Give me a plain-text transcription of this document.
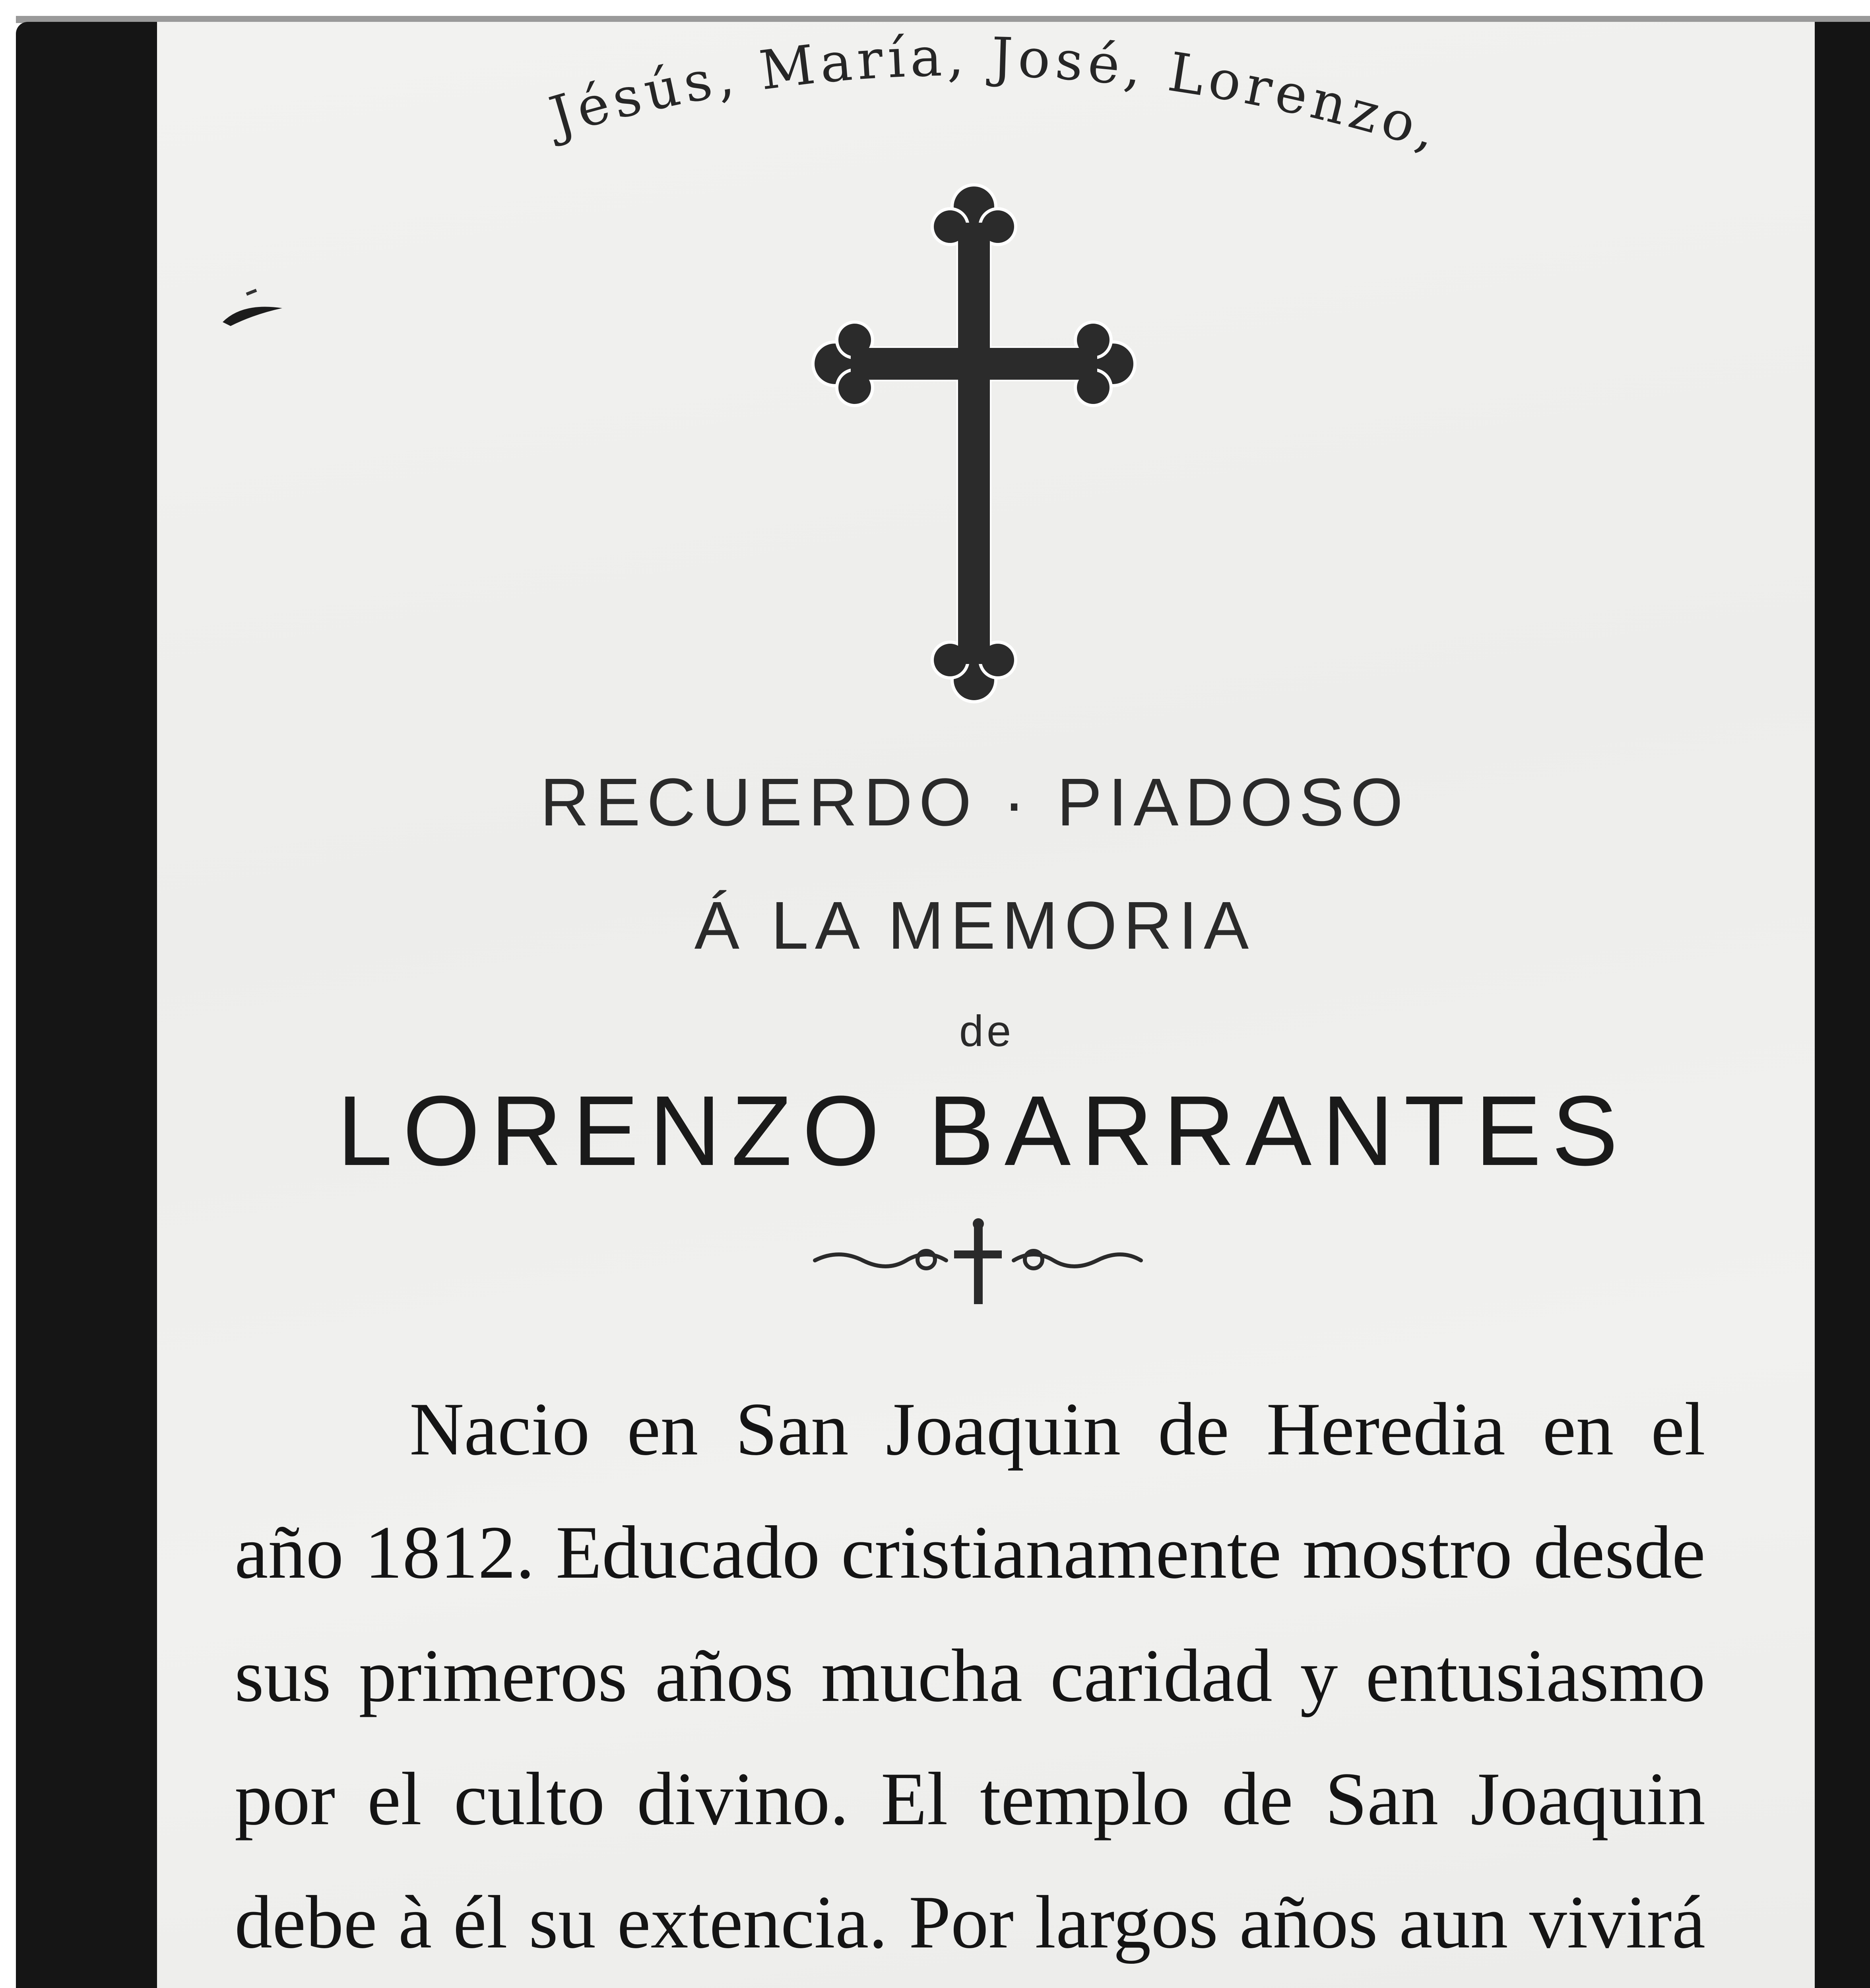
Jésús, María, José, Lorenzo,
RECUERDO · PIADOSO
Á LA MEMORIA
de
LORENZO BARRANTES

Nacio en San Joaquin de Heredia en el año 1812. Educado cristianamente mostro desde sus primeros años mucha caridad y entusiasmo por el culto divino. El templo de San Joaquin debe à él su extencia. Por largos años aun vivirá
